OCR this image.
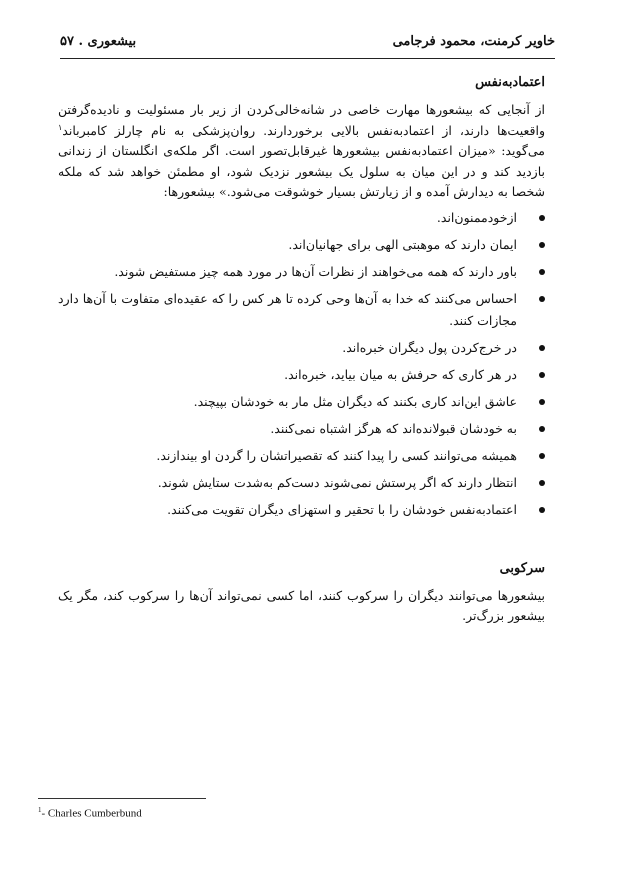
بیشعوری . ۵۷	خاویر کرمنت، محمود فرجامی
اعتمادبه‌نفس

از آنجایی که بیشعورها مهارت خاصی در شانه‌خالی‌کردن از زیر بار مسئولیت و نادیده‌گرفتن واقعیت‌ها دارند، از اعتمادبه‌نفس بالایی برخوردارند. روان‌پزشکی به نام چارلز کامبرباند$^۱$ می‌گوید: «میزان اعتمادبه‌نفس بیشعورها غیرقابل‌تصور است. اگر ملکه‌ی انگلستان از زندانی بازدید کند و در این میان به سلول یک بیشعور نزدیک شود، او مطمئن خواهد شد که ملکه شخصا به دیدارش آمده و از زیارتش بسیار خوشوقت می‌شود.» بیشعورها:

از‌خودممنون‌اند.
ایمان دارند که موهبتی الهی برای جهانیان‌اند.
باور دارند که همه می‌خواهند از نظرات آن‌ها در مورد همه چیز مستفیض شوند.
احساس می‌کنند که خدا به آن‌ها وحی کرده تا هر کس را که عقیده‌ای متفاوت با آن‌ها دارد مجازات کنند.
در خرج‌کردن پول دیگران خبره‌اند.
در هر کاری که حرفش به میان بیاید، خبره‌اند.
عاشق این‌اند کاری بکنند که دیگران مثل مار به خودشان بپیچند.
به خودشان قبولانده‌اند که هرگز اشتباه نمی‌کنند.
همیشه می‌توانند کسی را پیدا کنند که تقصیراتشان را گردن او بیندازند.
انتظار دارند که اگر پرستش نمی‌شوند دست‌کم به‌شدت ستایش شوند.
اعتمادبه‌نفس خودشان را با تحقیر و استهزای دیگران تقویت می‌کنند.
سرکوبی

بیشعورها می‌توانند دیگران را سرکوب کنند، اما کسی نمی‌تواند آن‌ها را سرکوب کند، مگر یک بیشعور بزرگ‌تر.

$^1$- Charles Cumberbund
